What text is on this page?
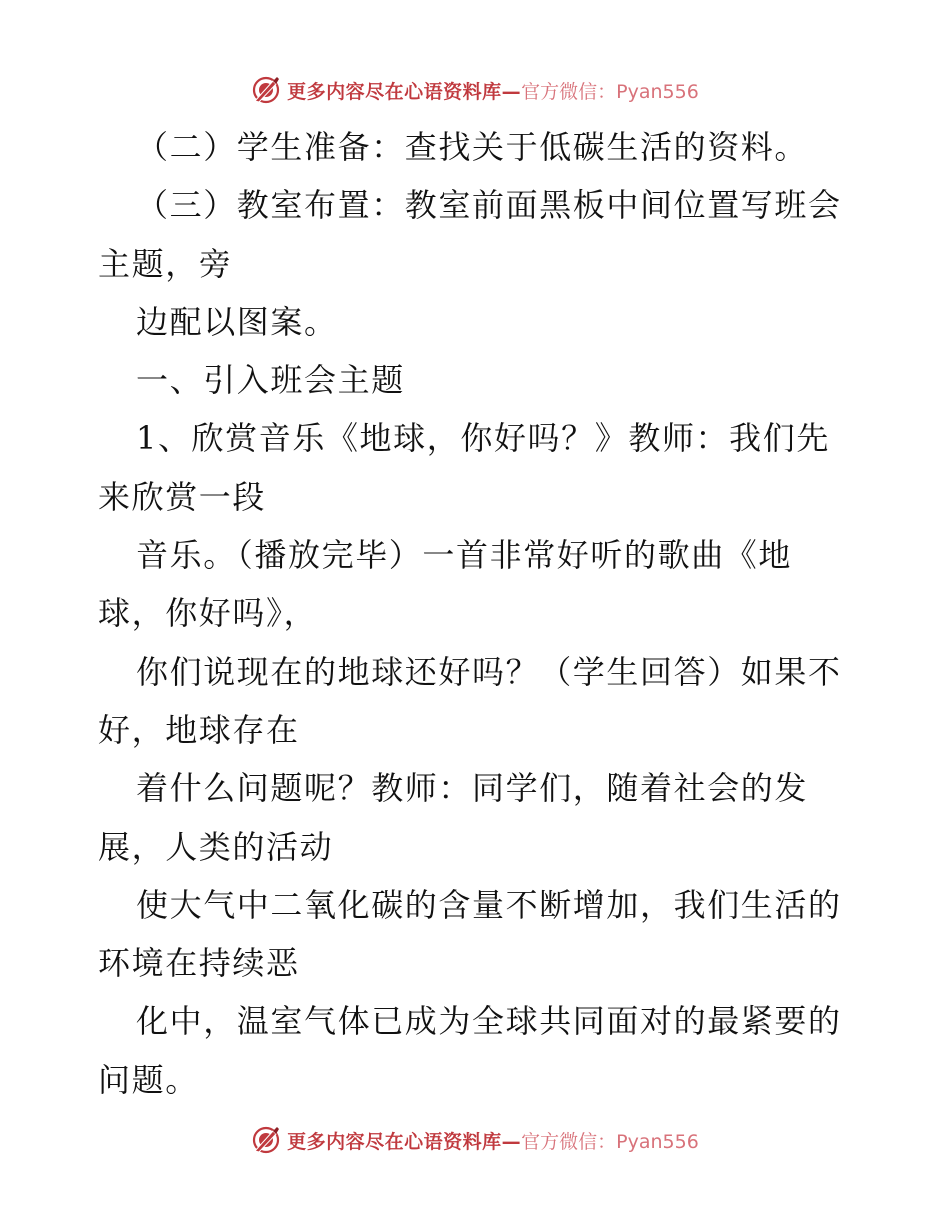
更多内容尽在心语资料库— 官方微信：Pyan556
（二）学生准备：查找关于低碳生活的资料。
（三）教室布置：教室前面黑板中间位置写班会
主题，旁
边配以图案。
一、引入班会主题
1、欣赏音乐《地球，你好吗？》教师：我们先
来欣赏一段
音乐。（播放完毕）一首非常好听的歌曲《地
球，你好吗》，
你们说现在的地球还好吗？（学生回答）如果不
好，地球存在
着什么问题呢？教师：同学们，随着社会的发
展，人类的活动
使大气中二氧化碳的含量不断增加，我们生活的
环境在持续恶
化中，温室气体已成为全球共同面对的最紧要的
问题。
更多内容尽在心语资料库— 官方微信：Pyan556
